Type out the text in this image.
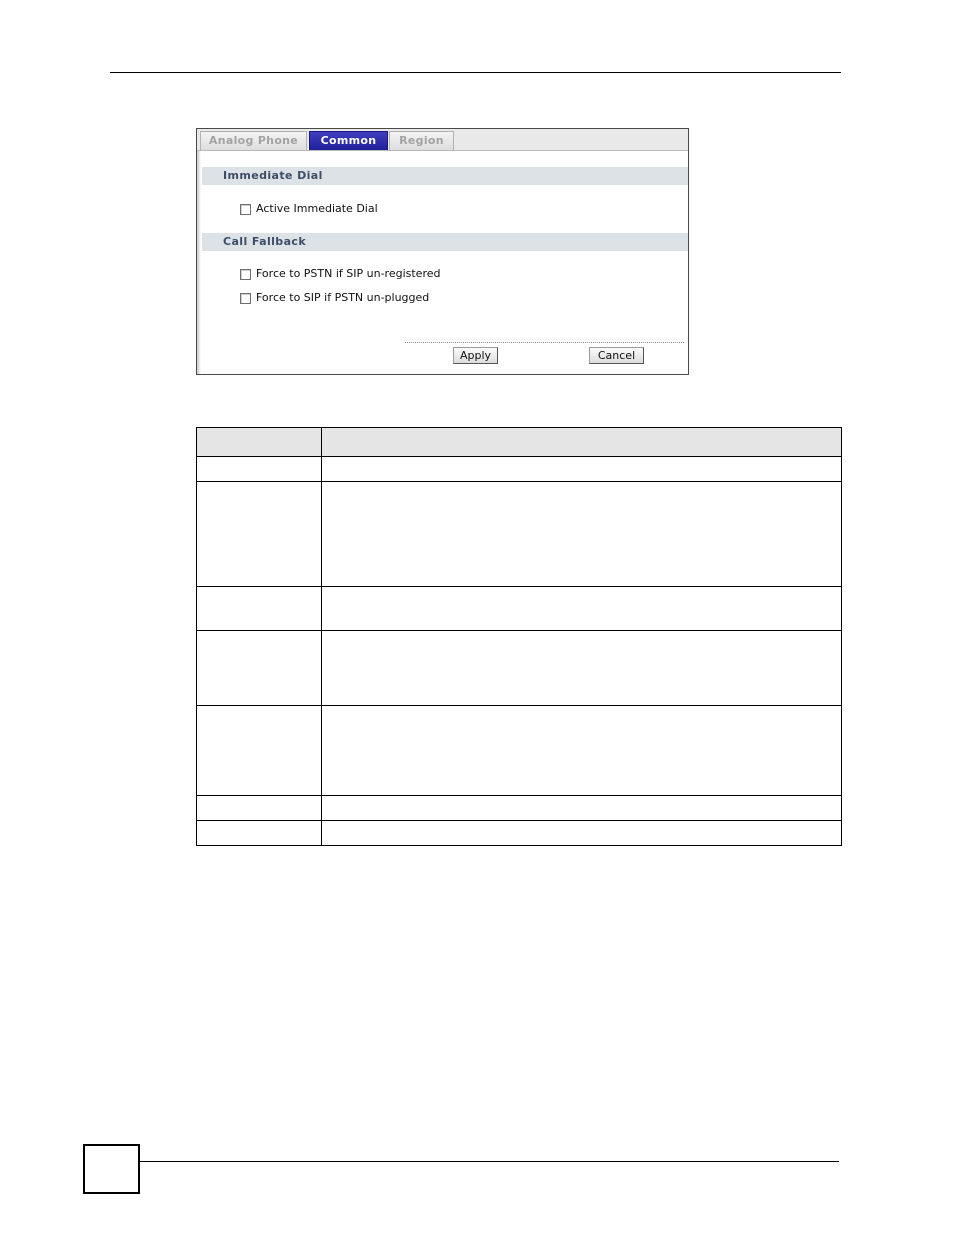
Analog Phone	Common	Region
Immediate Dial
Active Immediate Dial
Call Fallback
Force to PSTN if SIP un-registered
Force to SIP if PSTN un-plugged
Apply	Cancel
